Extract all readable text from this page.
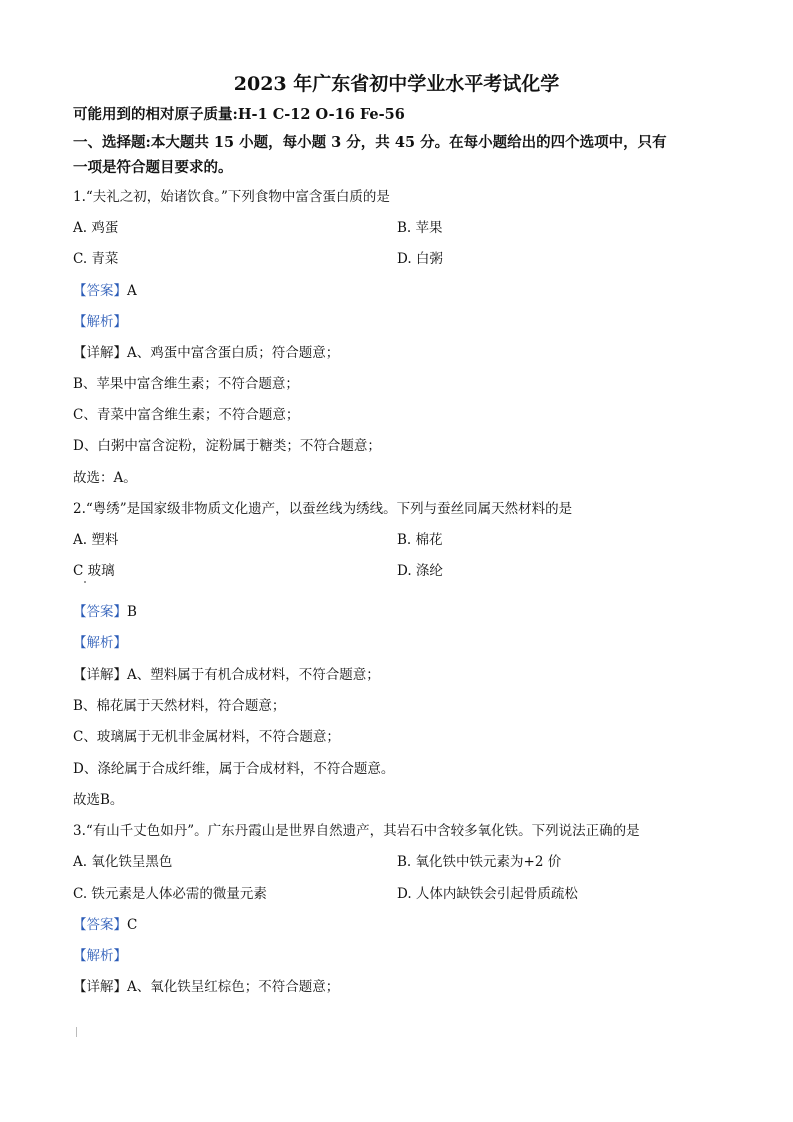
2023 年广东省初中学业水平考试化学
可能用到的相对原子质量:H-1 C-12 O-16 Fe-56
一、选择题:本大题共 15 小题，每小题 3 分，共 45 分。在每小题给出的四个选项中，只有
一项是符合题目要求的。
1.“夫礼之初，始诸饮食。”下列食物中富含蛋白质的是
A. 鸡蛋	B. 苹果
C. 青菜	D. 白粥
【答案】A
【解析】
【详解】A、鸡蛋中富含蛋白质；符合题意；
B、苹果中富含维生素；不符合题意；
C、青菜中富含维生素；不符合题意；
D、白粥中富含淀粉，淀粉属于糖类；不符合题意；
故选：A。
2.“粤绣”是国家级非物质文化遗产，以蚕丝线为绣线。下列与蚕丝同属天然材料的是
A. 塑料	B. 棉花
C 玻璃	D. 涤纶
【答案】B
【解析】
【详解】A、塑料属于有机合成材料，不符合题意；
B、棉花属于天然材料，符合题意；
C、玻璃属于无机非金属材料，不符合题意；
D、涤纶属于合成纤维，属于合成材料，不符合题意。
故选B。
3.“有山千丈色如丹”。广东丹霞山是世界自然遗产，其岩石中含较多氧化铁。下列说法正确的是
A. 氧化铁呈黑色	B. 氧化铁中铁元素为+2 价
C. 铁元素是人体必需的微量元素	D. 人体内缺铁会引起骨质疏松
【答案】C
【解析】
【详解】A、氧化铁呈红棕色；不符合题意；
